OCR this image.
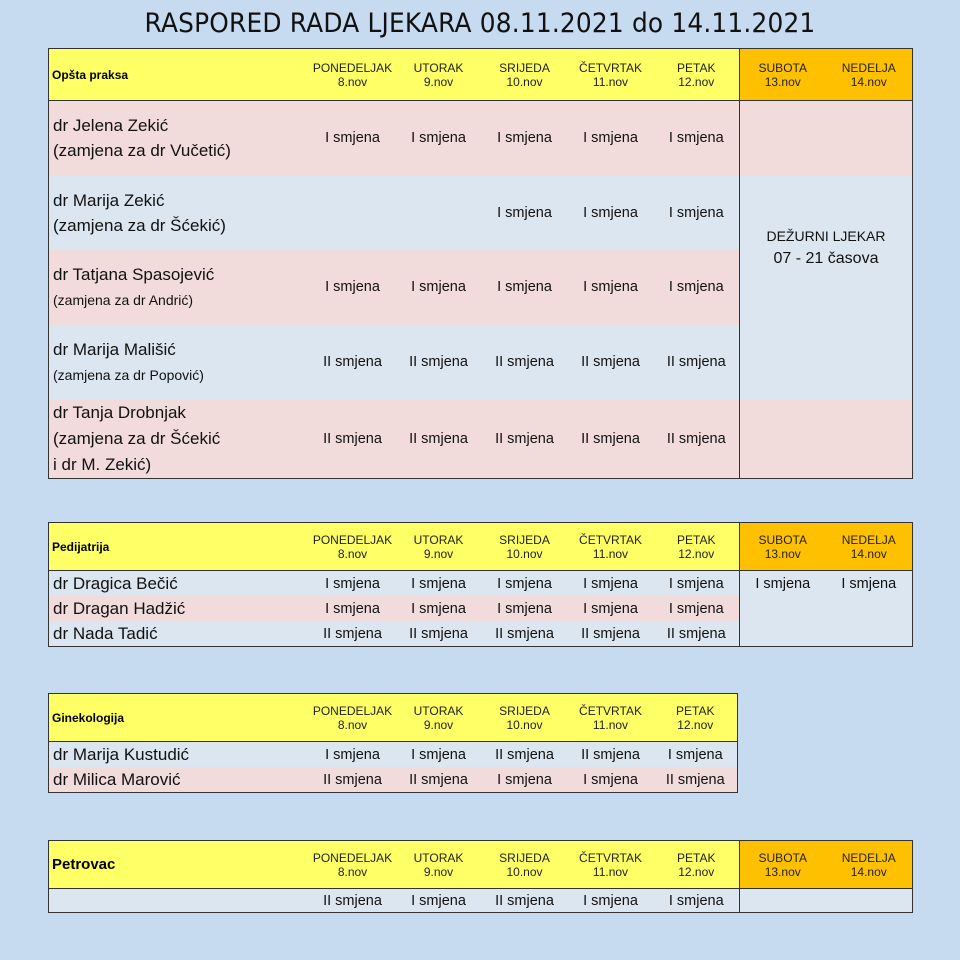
RASPORED RADA LJEKARA 08.11.2021 do 14.11.2021
Opšta praksa	PONEDELJAK	UTORAK	SRIJEDA	ČETVRTAK	PETAK	SUBOTA	NEDELJA
	8.nov	9.nov	10.nov	11.nov	12.nov	13.nov	14.nov
dr Jelena Zekić
(zamjena za dr Vučetić)	I smjena	I smjena	I smjena	I smjena	I smjena		
dr Marija Zekić
(zamjena za dr Šćekić)			I smjena	I smjena	I smjena	DEŽURNI LJEKAR
07 - 21 časova	

dr Tatjana Spasojević
(zamjena za dr Andrić)	I smjena	I smjena	I smjena	I smjena	I smjena		
dr Marija Mališić
(zamjena za dr Popović)	II smjena	II smjena	II smjena	II smjena	II smjena		
dr Tanja Drobnjak
(zamjena za dr Šćekić
i dr M. Zekić)	II smjena	II smjena	II smjena	II smjena	II smjena		
Pedijatrija	PONEDELJAK	UTORAK	SRIJEDA	ČETVRTAK	PETAK	SUBOTA	NEDELJA
	8.nov	9.nov	10.nov	11.nov	12.nov	13.nov	14.nov
dr Dragica Bečić	I smjena	I smjena	I smjena	I smjena	I smjena	I smjena	I smjena
dr Dragan Hadžić	I smjena	I smjena	I smjena	I smjena	I smjena		
dr Nada Tadić	II smjena	II smjena	II smjena	II smjena	II smjena		
Ginekologija	PONEDELJAK	UTORAK	SRIJEDA	ČETVRTAK	PETAK
	8.nov	9.nov	10.nov	11.nov	12.nov
dr Marija Kustudić	I smjena	I smjena	II smjena	II smjena	I smjena
dr Milica Marović	II smjena	II smjena	I smjena	I smjena	II smjena
Petrovac	PONEDELJAK	UTORAK	SRIJEDA	ČETVRTAK	PETAK	SUBOTA	NEDELJA
	8.nov	9.nov	10.nov	11.nov	12.nov	13.nov	14.nov
	II smjena	I smjena	II smjena	I smjena	I smjena		
